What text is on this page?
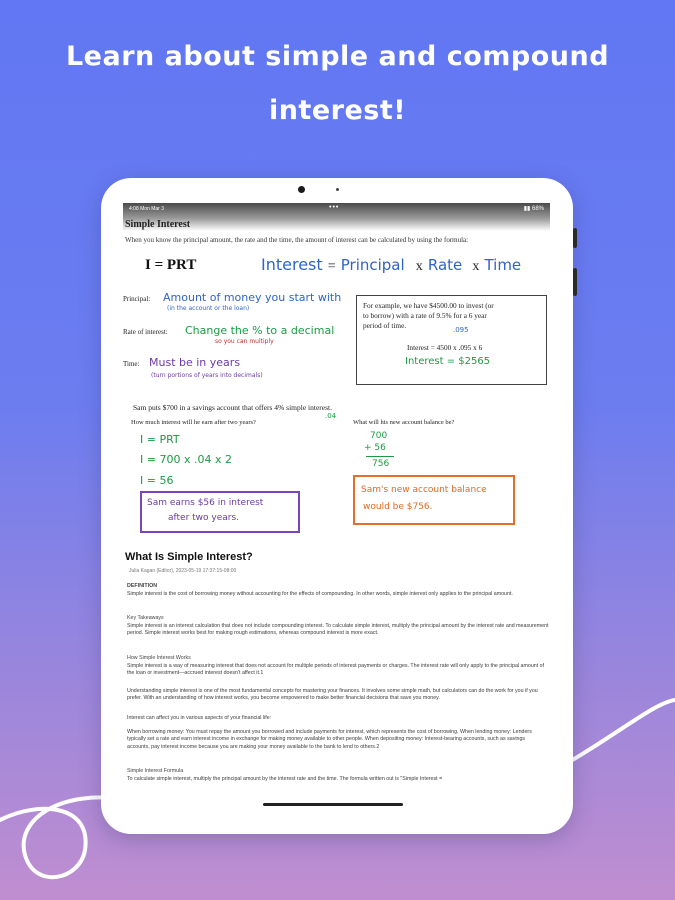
Learn about simple and compound
interest!
4:08 Mon Mar 3	•••	▮▮ 68%
Simple Interest
When you know the principal amount, the rate and the time, the amount of interest can be calculated by using the formula:
I = PRT	Interest = Principal x Rate x Time
Principal: Amount of money you start with
(in the account or the loan)
Rate of interest: Change the % to a decimal
so you can multiply
Time: Must be in years
(turn portions of years into decimals)
For example, we have $4500.00 to invest (or
to borrow) with a rate of 9.5% for a 6 year
period of time.	.095
Interest = 4500 x .095 x 6
Interest = $2565
Sam puts $700 in a savings account that offers 4% simple interest.
.04
How much interest will he earn after two years?	What will his new account balance be?
I = PRT
I = 700 x .04 x 2
I = 56
Sam earns $56 in interest
after two years.
700
+ 56
756
Sam's new account balance
would be $756.
What Is Simple Interest?
Julia Kagan (Editor), 2023-05-19 17:37:15-08:00
DEFINITION
Simple interest is the cost of borrowing money without accounting for the effects of compounding. In other words, simple interest only applies to the principal amount.
Key Takeaways
Simple interest is an interest calculation that does not include compounding interest. To calculate simple interest, multiply the principal amount by the interest rate and measurement period. Simple interest works best for making rough estimations, whereas compound interest is more exact.
How Simple Interest Works
Simple interest is a way of measuring interest that does not account for multiple periods of interest payments or charges. The interest rate will only apply to the principal amount of the loan or investment—accrued interest doesn't affect it.1
Understanding simple interest is one of the most fundamental concepts for mastering your finances. It involves some simple math, but calculators can do the work for you if you prefer. With an understanding of how interest works, you become empowered to make better financial decisions that save you money.
Interest can affect you in various aspects of your financial life:
When borrowing money: You must repay the amount you borrowed and include payments for interest, which represents the cost of borrowing. When lending money: Lenders typically set a rate and earn interest income in exchange for making money available to other people. When depositing money: Interest-bearing accounts, such as savings accounts, pay interest income because you are making your money available to the bank to lend to others.2
Simple Interest Formula
To calculate simple interest, multiply the principal amount by the interest rate and the time. The formula written out is "Simple Interest =
